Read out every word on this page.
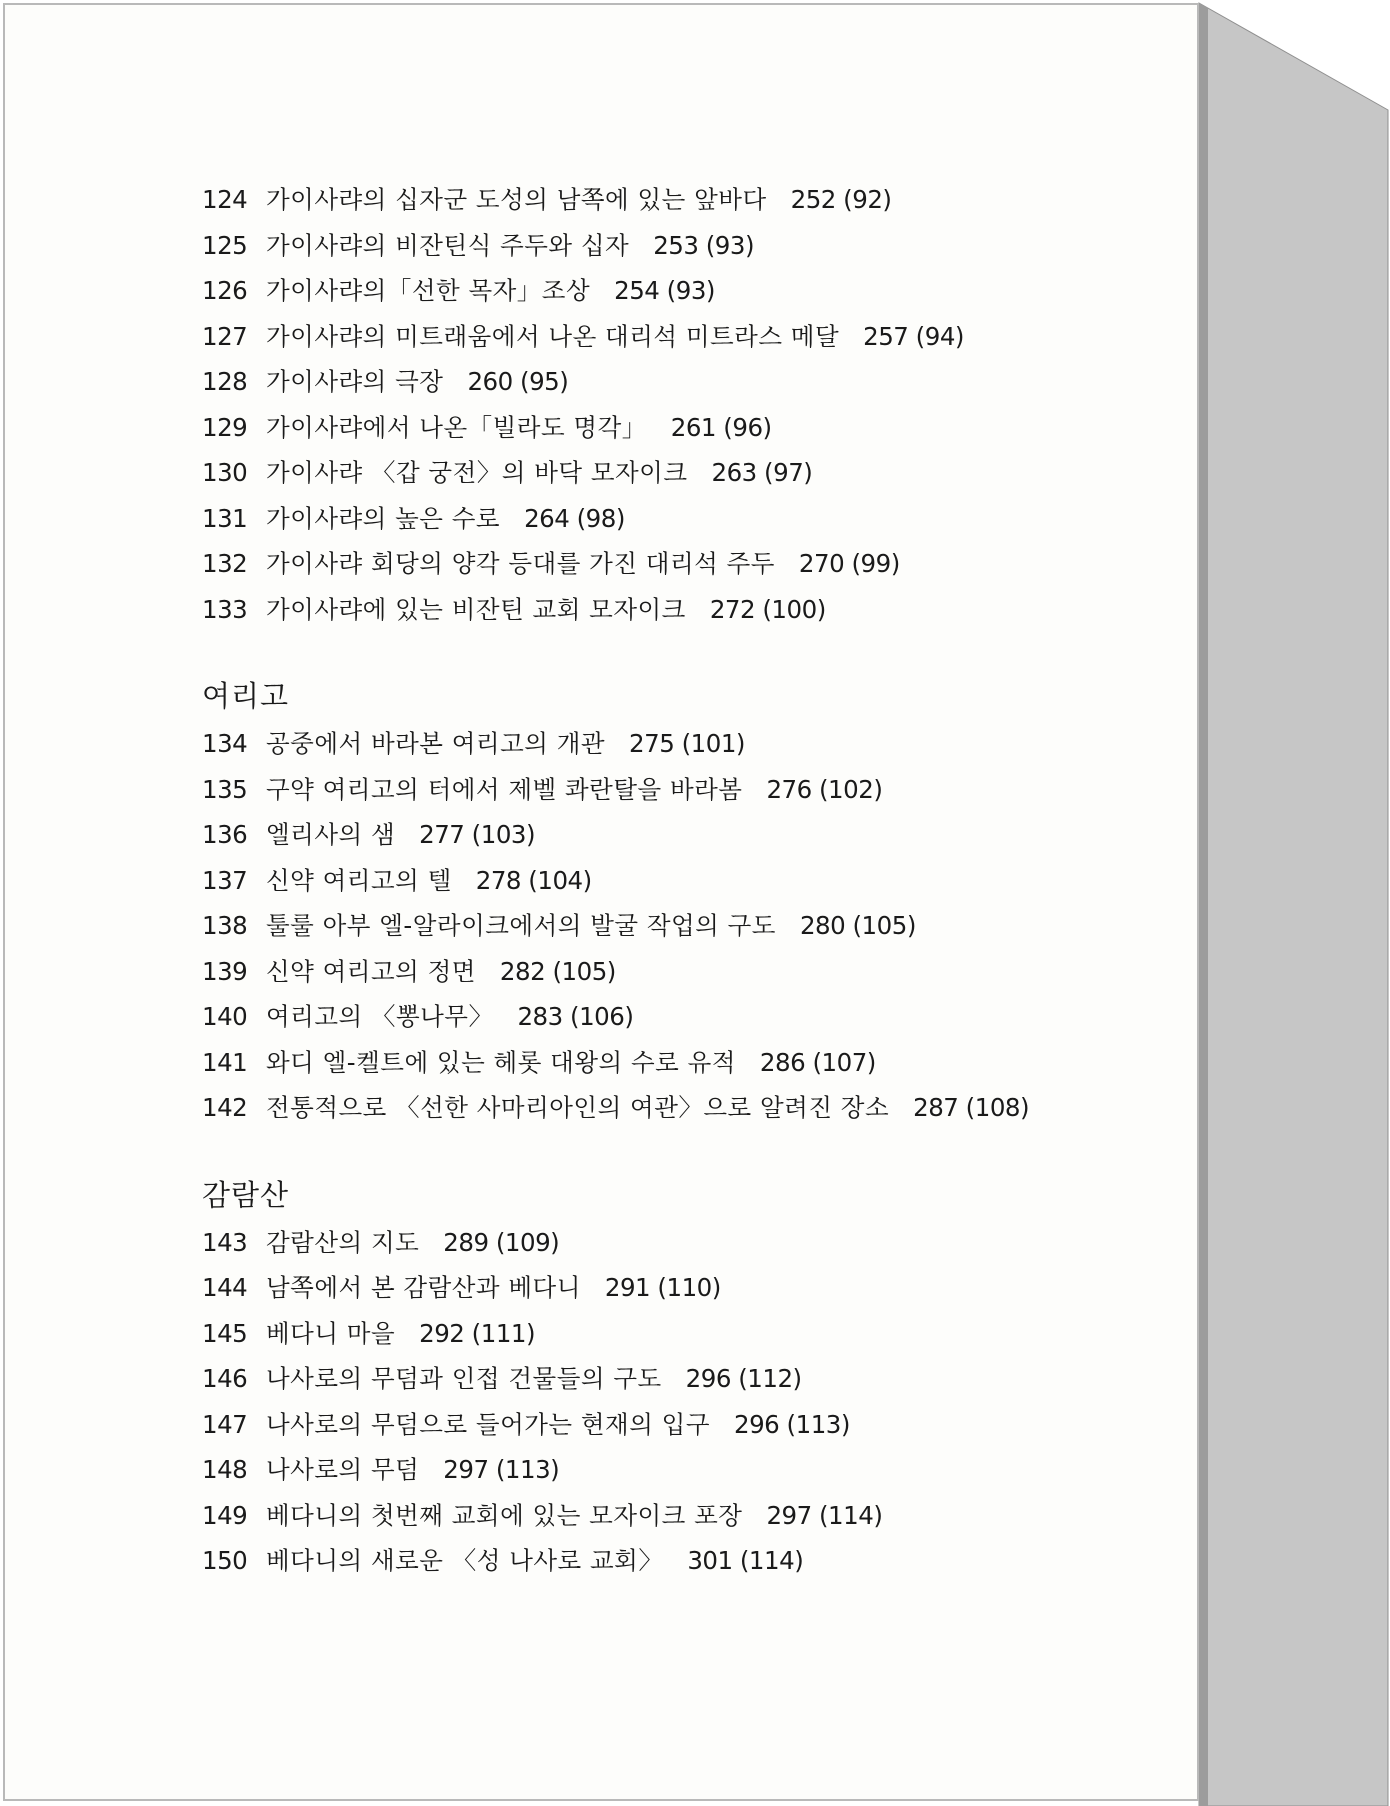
124 가이사랴의 십자군 도성의 남쪽에 있는 앞바다 252 (92)
125 가이사랴의 비잔틴식 주두와 십자 253 (93)
126 가이사랴의「선한 목자」조상 254 (93)
127 가이사랴의 미트래움에서 나온 대리석 미트라스 메달 257 (94)
128 가이사랴의 극장 260 (95)
129 가이사랴에서 나온「빌라도 명각」 261 (96)
130 가이사랴 〈갑 궁전〉의 바닥 모자이크 263 (97)
131 가이사랴의 높은 수로 264 (98)
132 가이사랴 회당의 양각 등대를 가진 대리석 주두 270 (99)
133 가이사랴에 있는 비잔틴 교회 모자이크 272 (100)
여리고
134 공중에서 바라본 여리고의 개관 275 (101)
135 구약 여리고의 터에서 제벨 콰란탈을 바라봄 276 (102)
136 엘리사의 샘 277 (103)
137 신약 여리고의 텔 278 (104)
138 툴룰 아부 엘-알라이크에서의 발굴 작업의 구도 280 (105)
139 신약 여리고의 정면 282 (105)
140 여리고의 〈뽕나무〉 283 (106)
141 와디 엘-켈트에 있는 헤롯 대왕의 수로 유적 286 (107)
142 전통적으로 〈선한 사마리아인의 여관〉으로 알려진 장소 287 (108)
감람산
143 감람산의 지도 289 (109)
144 남쪽에서 본 감람산과 베다니 291 (110)
145 베다니 마을 292 (111)
146 나사로의 무덤과 인접 건물들의 구도 296 (112)
147 나사로의 무덤으로 들어가는 현재의 입구 296 (113)
148 나사로의 무덤 297 (113)
149 베다니의 첫번째 교회에 있는 모자이크 포장 297 (114)
150 베다니의 새로운 〈성 나사로 교회〉 301 (114)
